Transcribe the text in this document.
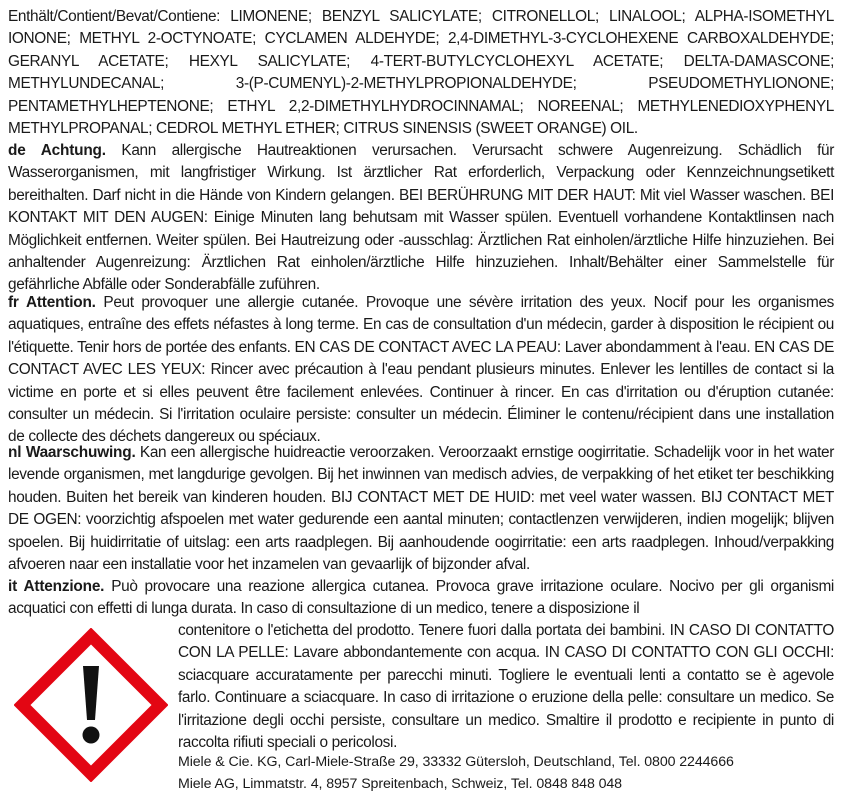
Enthält/Contient/Bevat/Contiene: LIMONENE; BENZYL SALICYLATE; CITRONELLOL; LINALOOL; ALPHA-ISOMETHYL IONONE; METHYL 2-OCTYNOATE; CYCLAMEN ALDEHYDE; 2,4-DIMETHYL-3-CYCLOHEXENE CARBOXALDEHYDE; GERANYL ACETATE; HEXYL SALICYLATE; 4-TERT-BUTYLCYCLOHEXYL ACETATE; DELTA-DAMASCONE; METHYLUNDECANAL; 3-(P-CUMENYL)-2-METHYLPROPIONALDEHYDE; PSEUDOMETHYLIONONE; PENTAMETHYLHEPTENONE; ETHYL 2,2-DIMETHYLHYDROCINNAMAL; NOREENAL; METHYLENEDIOXYPHENYL METHYLPROPANAL; CEDROL METHYL ETHER; CITRUS SINENSIS (SWEET ORANGE) OIL.

de Achtung. Kann allergische Hautreaktionen verursachen. Verursacht schwere Augenreizung. Schädlich für Wasserorganismen, mit langfristiger Wirkung. Ist ärztlicher Rat erforderlich, Verpackung oder Kennzeichnungsetikett bereithalten. Darf nicht in die Hände von Kindern gelangen. BEI BERÜHRUNG MIT DER HAUT: Mit viel Wasser waschen. BEI KONTAKT MIT DEN AUGEN: Einige Minuten lang behutsam mit Wasser spülen. Eventuell vorhandene Kontaktlinsen nach Möglichkeit entfernen. Weiter spülen. Bei Hautreizung oder -ausschlag: Ärztlichen Rat einholen/ärztliche Hilfe hinzuziehen. Bei anhaltender Augenreizung: Ärztlichen Rat einholen/ärztliche Hilfe hinzuziehen. Inhalt/Behälter einer Sammelstelle für gefährliche Abfälle oder Sonderabfälle zuführen.

fr Attention. Peut provoquer une allergie cutanée. Provoque une sévère irritation des yeux. Nocif pour les organismes aquatiques, entraîne des effets néfastes à long terme. En cas de consultation d'un médecin, garder à disposition le récipient ou l'étiquette. Tenir hors de portée des enfants. EN CAS DE CONTACT AVEC LA PEAU: Laver abondamment à l'eau. EN CAS DE CONTACT AVEC LES YEUX: Rincer avec précaution à l'eau pendant plusieurs minutes. Enlever les lentilles de contact si la victime en porte et si elles peuvent être facilement enlevées. Continuer à rincer. En cas d'irritation ou d'éruption cutanée: consulter un médecin. Si l'irritation oculaire persiste: consulter un médecin. Éliminer le contenu/récipient dans une installation de collecte des déchets dangereux ou spéciaux.

nl Waarschuwing. Kan een allergische huidreactie veroorzaken. Veroorzaakt ernstige oogirritatie. Schadelijk voor in het water levende organismen, met langdurige gevolgen. Bij het inwinnen van medisch advies, de verpakking of het etiket ter beschikking houden. Buiten het bereik van kinderen houden. BIJ CONTACT MET DE HUID: met veel water wassen. BIJ CONTACT MET DE OGEN: voorzichtig afspoelen met water gedurende een aantal minuten; contactlenzen verwijderen, indien mogelijk; blijven spoelen. Bij huidirritatie of uitslag: een arts raadplegen. Bij aanhoudende oogirritatie: een arts raadplegen. Inhoud/verpakking afvoeren naar een installatie voor het inzamelen van gevaarlijk of bijzonder afval.

it Attenzione. Può provocare una reazione allergica cutanea. Provoca grave irritazione oculare. Nocivo per gli organismi acquatici con effetti di lunga durata. In caso di consultazione di un medico, tenere a disposizione il

contenitore o l'etichetta del prodotto. Tenere fuori dalla portata dei bambini. IN CASO DI CONTATTO CON LA PELLE: Lavare abbondantemente con acqua. IN CASO DI CONTATTO CON GLI OCCHI: sciacquare accuratamente per parecchi minuti. Togliere le eventuali lenti a contatto se è agevole farlo. Continuare a sciacquare. In caso di irritazione o eruzione della pelle: consultare un medico. Se l'irritazione degli occhi persiste, consultare un medico. Smaltire il prodotto e recipiente in punto di raccolta rifiuti speciali o pericolosi.

Miele & Cie. KG, Carl-Miele-Straße 29, 33332 Gütersloh, Deutschland, Tel. 0800 2244666
Miele AG, Limmatstr. 4, 8957 Spreitenbach, Schweiz, Tel. 0848 848 048
